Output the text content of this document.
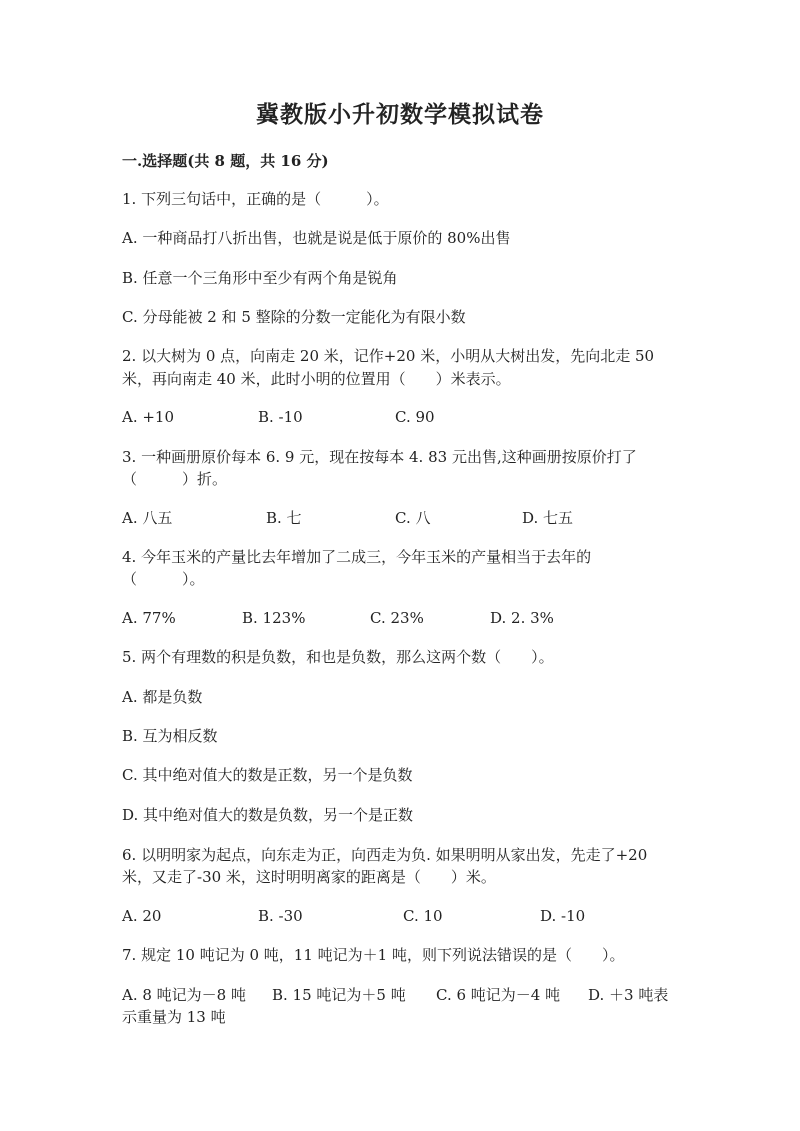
冀教版小升初数学模拟试卷
一.选择题(共 8 题，共 16 分)
1. 下列三句话中，正确的是（　　　）。
A. 一种商品打八折出售，也就是说是低于原价的 80%出售
B. 任意一个三角形中至少有两个角是锐角
C. 分母能被 2 和 5 整除的分数一定能化为有限小数
2. 以大树为 0 点，向南走 20 米，记作+20 米，小明从大树出发，先向北走 50
米，再向南走 40 米，此时小明的位置用（　　）米表示。
A. +10	B. -10	C. 90
3. 一种画册原价每本 6. 9 元，现在按每本 4. 83 元出售,这种画册按原价打了
（　　　）折。
A. 八五	B. 七	C. 八	D. 七五
4. 今年玉米的产量比去年增加了二成三，今年玉米的产量相当于去年的
（　　　）。
A. 77%	B. 123%	C. 23%	D. 2. 3%
5. 两个有理数的积是负数，和也是负数，那么这两个数（　　）。
A. 都是负数
B. 互为相反数
C. 其中绝对值大的数是正数，另一个是负数
D. 其中绝对值大的数是负数，另一个是正数
6. 以明明家为起点，向东走为正，向西走为负. 如果明明从家出发，先走了+20
米，又走了-30 米，这时明明离家的距离是（　　）米。
A. 20	B. -30	C. 10	D. -10
7. 规定 10 吨记为 0 吨，11 吨记为＋1 吨，则下列说法错误的是（　　）。
A. 8 吨记为－8 吨 B. 15 吨记为＋5 吨 C. 6 吨记为－4 吨 D. ＋3 吨表
示重量为 13 吨
